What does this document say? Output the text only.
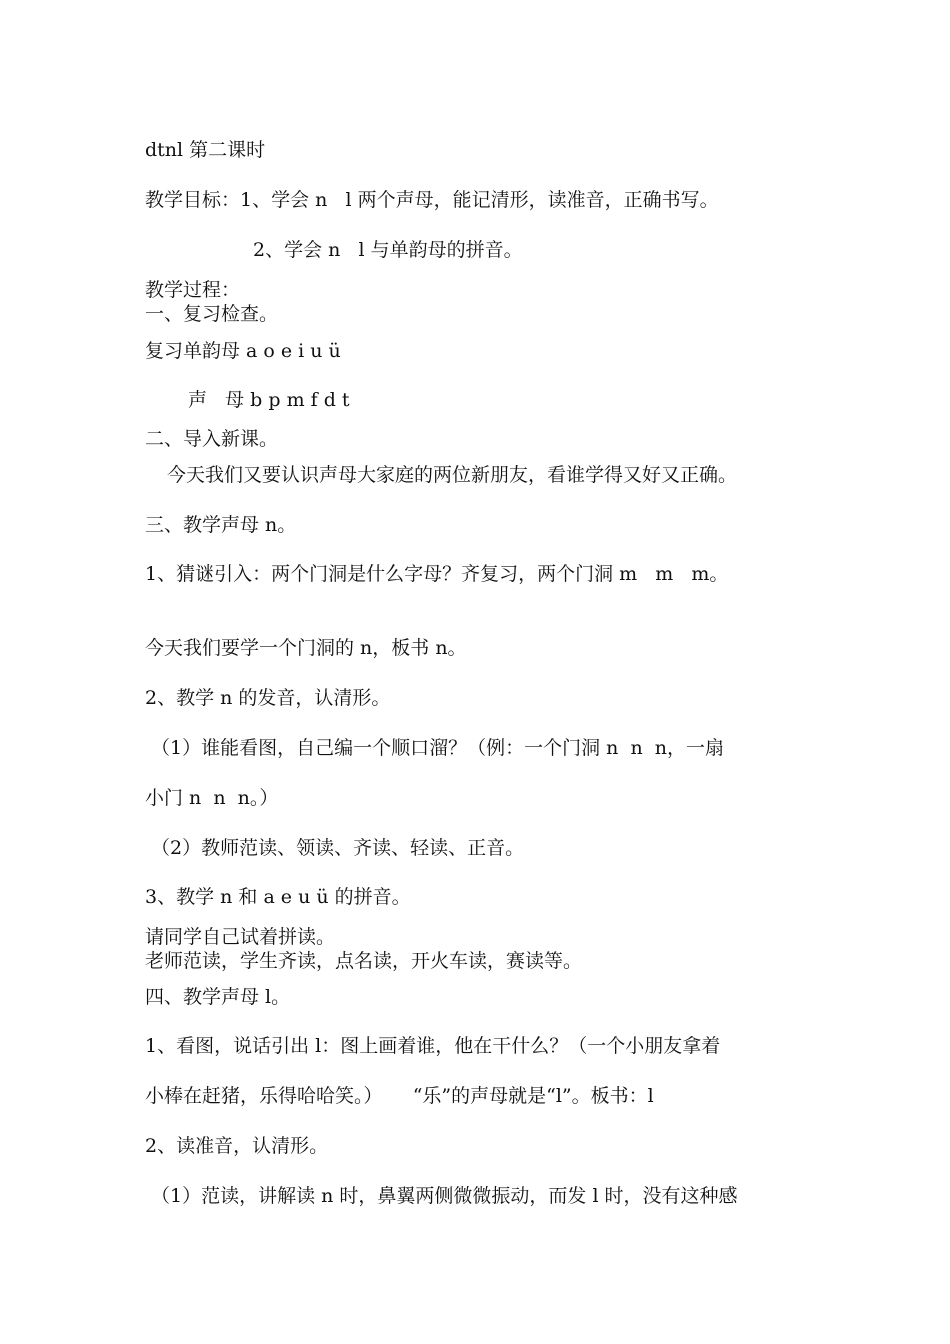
dtnl 第二课时
教学目标：1、学会 n   l 两个声母，能记清形，读准音，正确书写。
2、学会 n   l 与单韵母的拼音。
教学过程：
一、复习检查。
复习单韵母 a o e i u ü
声   母 b p m f d t
二、导入新课。
今天我们又要认识声母大家庭的两位新朋友，看谁学得又好又正确。
三、教学声母 n。
1、猜谜引入：两个门洞是什么字母？齐复习，两个门洞 m   m   m。
今天我们要学一个门洞的 n，板书 n。
2、教学 n 的发音，认清形。
（1）谁能看图，自己编一个顺口溜？（例：一个门洞 n  n  n，一扇
小门 n  n  n。）
（2）教师范读、领读、齐读、轻读、正音。
3、教学 n 和 a e u ü 的拼音。
请同学自己试着拼读。
老师范读，学生齐读，点名读，开火车读，赛读等。
四、教学声母 l。
1、看图，说话引出 l：图上画着谁，他在干什么？（一个小朋友拿着
小棒在赶猪，乐得哈哈笑。）     “乐”的声母就是“l”。板书：l
2、读准音，认清形。
（1）范读，讲解读 n 时，鼻翼两侧微微振动，而发 l 时，没有这种感
